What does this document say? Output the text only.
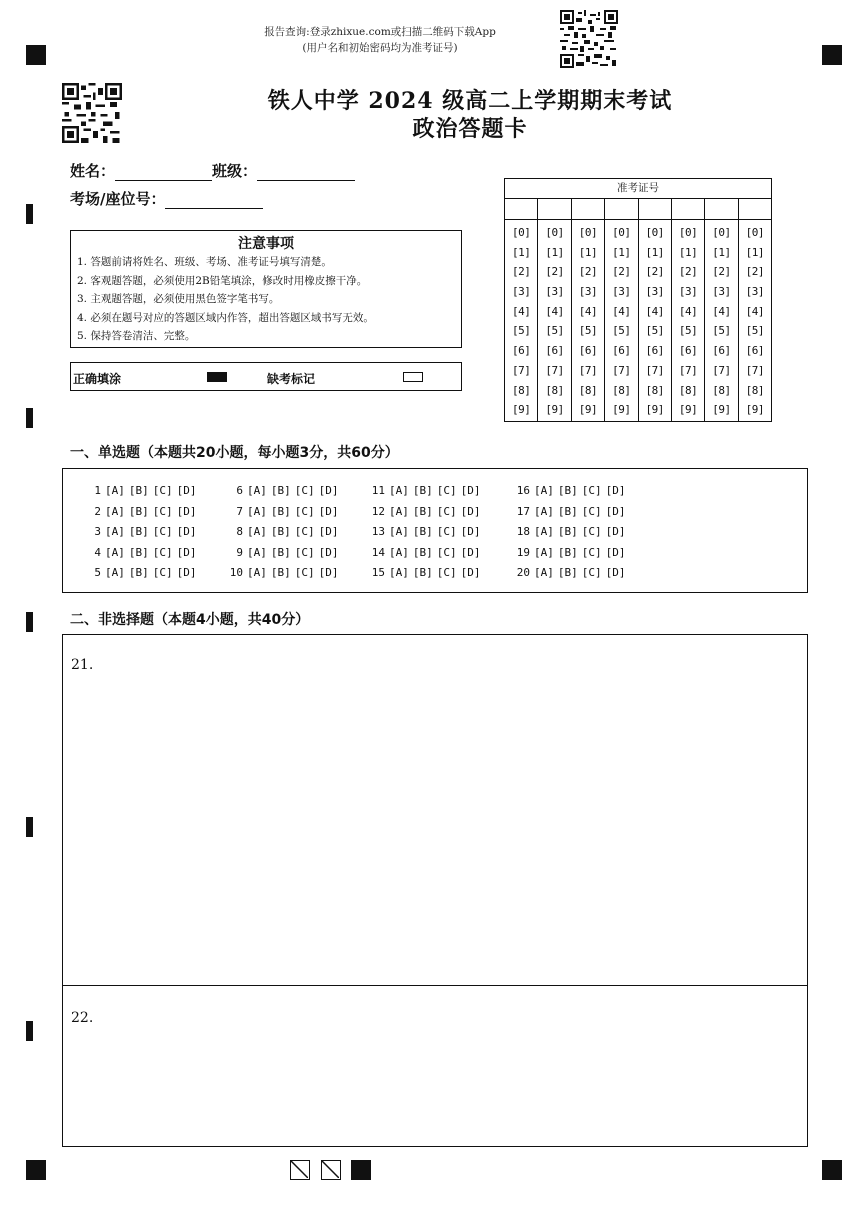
报告查询:登录zhixue.com或扫描二维码下载App
(用户名和初始密码均为准考证号)
铁人中学 2024 级高二上学期期末考试
政治答题卡
姓名：	班级：
考场/座位号：
注意事项
1. 答题前请将姓名、班级、考场、准考证号填写清楚。
2. 客观题答题，必须使用2B铅笔填涂，修改时用橡皮擦干净。
3. 主观题答题，必须使用黑色签字笔书写。
4. 必须在题号对应的答题区域内作答，超出答题区域书写无效。
5. 保持答卷清洁、完整。
正确填涂	缺考标记
准考证号
[0]
[1]
[2]
[3]
[4]
[5]
[6]
[7]
[8]
[9]
[0]
[1]
[2]
[3]
[4]
[5]
[6]
[7]
[8]
[9]
[0]
[1]
[2]
[3]
[4]
[5]
[6]
[7]
[8]
[9]
[0]
[1]
[2]
[3]
[4]
[5]
[6]
[7]
[8]
[9]
[0]
[1]
[2]
[3]
[4]
[5]
[6]
[7]
[8]
[9]
[0]
[1]
[2]
[3]
[4]
[5]
[6]
[7]
[8]
[9]
[0]
[1]
[2]
[3]
[4]
[5]
[6]
[7]
[8]
[9]
[0]
[1]
[2]
[3]
[4]
[5]
[6]
[7]
[8]
[9]
一、单选题（本题共20小题，每小题3分，共60分）
1 [A] [B] [C] [D]
2 [A] [B] [C] [D]
3 [A] [B] [C] [D]
4 [A] [B] [C] [D]
5 [A] [B] [C] [D]
6 [A] [B] [C] [D]
7 [A] [B] [C] [D]
8 [A] [B] [C] [D]
9 [A] [B] [C] [D]
10 [A] [B] [C] [D]
11 [A] [B] [C] [D]
12 [A] [B] [C] [D]
13 [A] [B] [C] [D]
14 [A] [B] [C] [D]
15 [A] [B] [C] [D]
16 [A] [B] [C] [D]
17 [A] [B] [C] [D]
18 [A] [B] [C] [D]
19 [A] [B] [C] [D]
20 [A] [B] [C] [D]
二、非选择题（本题4小题，共40分）
21.
22.
